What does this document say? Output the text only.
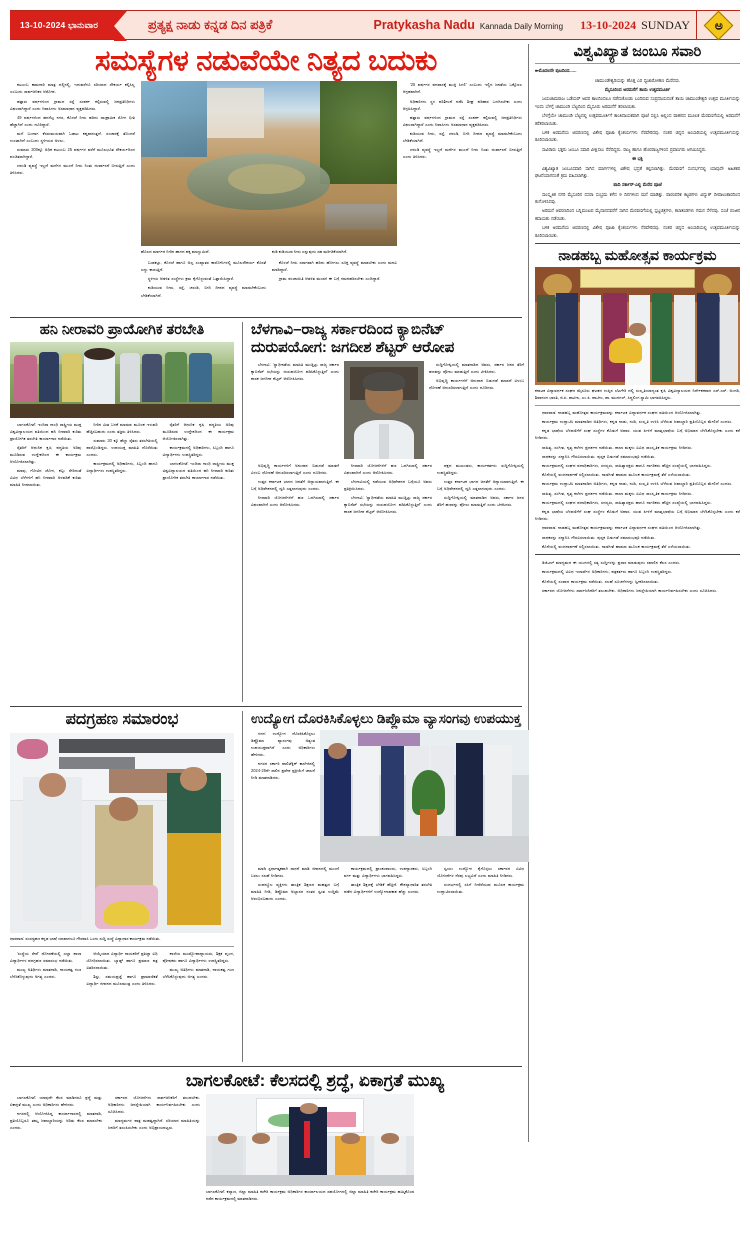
13-10-2024 ಭಾನುವಾರ	ಪ್ರತ್ಯಕ್ಷ ನಾಡು ಕನ್ನಡ ದಿನ ಪತ್ರಿಕೆ	Pratykasha Nadu Kannada Daily Morning 13-10-2024 SUNDAY ಅ
ಸಮಸ್ಯೆಗಳ ನಡುವೆಯೇ ನಿತ್ಯದ ಬದುಕು

ಕುಟುಂಬ ಕಾಮಗಾರಿ ಮಾತ್ರ ದಲ್ಲಿನಲ್ಲಿ, ಇದುವರೆಗೂ ಸರಿಯಾದ ಸೌಕರ್ಯ ಕಲ್ಪಿಸಿಲ್ಲ ಎಂಬುದು ಸಾರ್ವಜನಿಕರ ಆರೋಪ.

ಹತ್ತಾರು ವರ್ಷಗಳಿಂದ ಗ್ರಾಮದ ರಸ್ತೆ ಸಂಪರ್ಕ ಕಲ್ಪಿಸುವಲ್ಲಿ ಜನಪ್ರತಿನಿಧಿಗಳು ವಿಫಲರಾಗಿದ್ದಾರೆ ಎಂದು ನಿವಾಸಿಗಳು ಅಸಮಾಧಾನ ವ್ಯಕ್ತಪಡಿಸಿದರು.

49 ವರ್ಷಗಳಿಂದ ಹದಗೆಟ್ಟ ನಗರ, ಕೊಳಚೆ ನೀರು ಹರಿದು ಸಾಂಕ್ರಾಮಿಕ ರೋಗ ಭೀತಿ ಹೆಚ್ಚಾಗಿದೆ ಎಂದು ದೂರಿದ್ದಾರೆ.

ಮಳೆ ಬಂದಾಗ ಕೆಸರುಮಯವಾಗಿ ಓಡಾಟ ಕಷ್ಟವಾಗುತ್ತದೆ. ಸಂಚಾರಕ್ಕೆ ತೊಂದರೆ ಉಂಟಾಗಿದೆ ಎಂಬುದು ಸ್ಥಳೀಯರ ಅಳಲು.

ಸುಮಾರು 300ಕ್ಕೂ ಅಧಿಕ ಕುಟುಂಬ 25 ವರ್ಷಗಳ ವರೆಗೆ ಮೂಲಭೂತ ಸೌಕರ್ಯದಿಂದ ವಂಚಿತರಾಗಿದ್ದಾರೆ.

ಚರಂಡಿ ವ್ಯವಸ್ಥೆ ಇಲ್ಲದೆ ಮನೆಗಳ ಮುಂದೆ ನೀರು ನಿಂತು ದುರ್ವಾಸನೆ ಬೀರುತ್ತಿದೆ ಎಂದು ತಿಳಿಸಿದರು.

ಹೊಲದ ಮಾರ್ಗ‌ದ ನೀರಿನ ಹಾಗದ ಪಕ್ಕ ಮಾಣ್ಣುಮಿದೆ.	ಕುಡಿ ಕುಡಿಯುವ ನೀರು ಎನ್ನುವುದು ಸಹ ಮರೀಚಿಕೆಯಾಗಿದೆ.

ಬುಡಕಟ್ಟು, ಕೊಳಚೆ ಹಾಗೂ ಅಲ್ಪ ಸಂಖ್ಯಾತರ ಕಾಲೋನಿಗಳಲ್ಲಿ ಮೂಲಸೌಕರ್ಯ ಕೊರತೆ ಎದ್ದು ಕಾಣುತ್ತಿದೆ.

ಸ್ಥಳೀಯ ಆಡಳಿತ ಸಂಸ್ಥೆಗಳು ಕ್ರಮ ಕೈಗೊಳ್ಳುವಂತೆ ಒತ್ತಾಯಿಸಿದ್ದಾರೆ.

ಕುಡಿಯುವ ನೀರು, ರಸ್ತೆ, ಚರಂಡಿ, ಬೀದಿ ದೀಪದ ವ್ಯವಸ್ಥೆ ಮಾಡಬೇಕೆಂಬುದು ಬೇಡಿಕೆಯಾಗಿದೆ.

ಕೊಳಚೆ ನೀರು ಸರಾಗವಾಗಿ ಹರಿದು ಹೋಗಲು ಸೂಕ್ತ ವ್ಯವಸ್ಥೆ ಮಾಡಬೇಕು ಎಂದು ಮನವಿ ಮಾಡಿದ್ದಾರೆ.

ಗ್ರಾಮ ಪಂಚಾಯಿತಿ ಆಡಳಿತ ಮಂಡಳಿ ಈ ಬಗ್ಗೆ ಗಮನಹರಿಸಬೇಕು ಎಂದಿದ್ದಾರೆ.

'25 ವರ್ಷಗಳ ವನವಾಸಕ್ಕೆ ಮುಕ್ತಿ ಸಿಗಲಿ' ಎಂಬುದು ಇಲ್ಲಿನ ಜನತೆಯ ಒಕ್ಕೊರಲ ಆಗ್ರಹವಾಗಿದೆ.

ಅಧಿಕಾರಿಗಳು ಸ್ಥಳ ಪರಿಶೀಲನೆ ನಡೆಸಿ ಶೀಘ್ರ ಪರಿಹಾರ ಒದಗಿಸಬೇಕು ಎಂದು ಆಗ್ರಹಿಸಿದ್ದಾರೆ.

ಹತ್ತಾರು ವರ್ಷಗಳಿಂದ ಗ್ರಾಮದ ರಸ್ತೆ ಸಂಪರ್ಕ ಕಲ್ಪಿಸುವಲ್ಲಿ ಜನಪ್ರತಿನಿಧಿಗಳು ವಿಫಲರಾಗಿದ್ದಾರೆ ಎಂದು ನಿವಾಸಿಗಳು ಅಸಮಾಧಾನ ವ್ಯಕ್ತಪಡಿಸಿದರು.

ಕುಡಿಯುವ ನೀರು, ರಸ್ತೆ, ಚರಂಡಿ, ಬೀದಿ ದೀಪದ ವ್ಯವಸ್ಥೆ ಮಾಡಬೇಕೆಂಬುದು ಬೇಡಿಕೆಯಾಗಿದೆ.

ಚರಂಡಿ ವ್ಯವಸ್ಥೆ ಇಲ್ಲದೆ ಮನೆಗಳ ಮುಂದೆ ನೀರು ನಿಂತು ದುರ್ವಾಸನೆ ಬೀರುತ್ತಿದೆ ಎಂದು ತಿಳಿಸಿದರು.

ಹನಿ ನೀರಾವರಿ ಪ್ರಾಯೋಗಿಕ ತರಬೇತಿ

ಬಾಗಲಕೋಟೆ: ಇಂದಿರಾ ಗಾಂಧಿ ರಾಷ್ಟ್ರೀಯ ಮುಕ್ತ ವಿಶ್ವವಿದ್ಯಾಲಯದ ವತಿಯಿಂದ ಹನಿ ನೀರಾವರಿ ಕುರಿತು ಪ್ರಾಯೋಗಿಕ ತರಬೇತಿ ಕಾರ್ಯಾಗಾರ ನಡೆಯಿತು.

ರೈತರಿಗೆ ಆಧುನಿಕ ಕೃಷಿ ಪದ್ಧತಿಯ ಅರಿವು ಮೂಡಿಸುವ ಉದ್ದೇಶದಿಂದ ಈ ಕಾರ್ಯಕ್ರಮ ಆಯೋಜಿಸಲಾಗಿತ್ತು.

ಮಾವು, ಗೋವಿನ ಜೋಳ, ಕಬ್ಬು ಸೇರಿದಂತೆ ವಿವಿಧ ಬೆಳೆಗಳಿಗೆ ಹನಿ ನೀರಾವರಿ ಅಳವಡಿಕೆ ಕುರಿತು ಮಾಹಿತಿ ನೀಡಲಾಯಿತು.

ನೀರಿನ ಮಿತ ಬಳಕೆ ಮಾಡುವ ಮೂಲಕ ಇಳುವರಿ ಹೆಚ್ಚಿಸಬಹುದು ಎಂದು ತಜ್ಞರು ತಿಳಿಸಿದರು.

ಸುಮಾರು 30 ಕ್ಕೂ ಹೆಚ್ಚು ರೈತರು ತರಬೇತಿಯಲ್ಲಿ ಪಾಲ್ಗೊಂಡಿದ್ದರು. ಉಪಯುಕ್ತ ಮಾಹಿತಿ ದೊರೆಯಿತು ಎಂದರು.

ಕಾರ್ಯಕ್ರಮದಲ್ಲಿ ಅಧಿಕಾರಿಗಳು, ಸಿಬ್ಬಂದಿ ಹಾಗೂ ವಿದ್ಯಾರ್ಥಿಗಳು ಉಪಸ್ಥಿತರಿದ್ದರು.

ರೈತರಿಗೆ ಆಧುನಿಕ ಕೃಷಿ ಪದ್ಧತಿಯ ಅರಿವು ಮೂಡಿಸುವ ಉದ್ದೇಶದಿಂದ ಈ ಕಾರ್ಯಕ್ರಮ ಆಯೋಜಿಸಲಾಗಿತ್ತು.

ಕಾರ್ಯಕ್ರಮದಲ್ಲಿ ಅಧಿಕಾರಿಗಳು, ಸಿಬ್ಬಂದಿ ಹಾಗೂ ವಿದ್ಯಾರ್ಥಿಗಳು ಉಪಸ್ಥಿತರಿದ್ದರು.

ಬಾಗಲಕೋಟೆ: ಇಂದಿರಾ ಗಾಂಧಿ ರಾಷ್ಟ್ರೀಯ ಮುಕ್ತ ವಿಶ್ವವಿದ್ಯಾಲಯದ ವತಿಯಿಂದ ಹನಿ ನೀರಾವರಿ ಕುರಿತು ಪ್ರಾಯೋಗಿಕ ತರಬೇತಿ ಕಾರ್ಯಾಗಾರ ನಡೆಯಿತು.

ಬೆಳಗಾವಿ–ರಾಜ್ಯ ಸರ್ಕಾರದಿಂದ ಕ್ಯಾಬಿನೆಟ್
ದುರುಪಯೋಗ: ಜಗದೀಶ ಶೆಟ್ಟರ್ ಆರೋಪ

ಬೆಳಗಾವಿ: 'ಸ್ವಾಧೀನತೆಯ ಮಾಹಿತಿ ಮುಚ್ಚಿಟ್ಟು ರಾಜ್ಯ ಸರ್ಕಾರ ಕ್ಯಾಬಿನೆಟ್ ಸಭೆಯನ್ನು ದುರುಪಯೋಗ ಪಡಿಸಿಕೊಳ್ಳುತ್ತಿದೆ' ಎಂದು ಶಾಸಕ ಜಗದೀಶ ಶೆಟ್ಟರ್ ಆರೋಪಿಸಿದರು.

ಸುದ್ದಿಗೋಷ್ಠಿಯಲ್ಲಿ ಮಾತನಾಡಿದ ಅವರು, ಸರ್ಕಾರ ಜನರ ತೆರಿಗೆ ಹಣವನ್ನು ಪೋಲು ಮಾಡುತ್ತಿದೆ ಎಂದು ಟೀಕಿಸಿದರು.

ಅಭಿವೃದ್ಧಿ ಕಾರ್ಯಗಳಿಗೆ ಅನುದಾನ ಬಿಡುಗಡೆ ಮಾಡದೆ ವಿಳಂಬ ಧೋರಣೆ ಅನುಸರಿಸಲಾಗುತ್ತಿದೆ ಎಂದು ದೂರಿದರು.

ಅಭಿವೃದ್ಧಿ ಕಾರ್ಯಗಳಿಗೆ ಅನುದಾನ ಬಿಡುಗಡೆ ಮಾಡದೆ ವಿಳಂಬ ಧೋರಣೆ ಅನುಸರಿಸಲಾಗುತ್ತಿದೆ ಎಂದು ದೂರಿದರು.

ಉತ್ತರ ಕರ್ನಾಟಕ ಭಾಗದ ಜನತೆಗೆ ಅನ್ಯಾಯವಾಗುತ್ತಿದೆ. ಈ ಬಗ್ಗೆ ಅಧಿವೇಶನದಲ್ಲಿ ಧ್ವನಿ ಎತ್ತಲಾಗುವುದು ಎಂದರು.

ನೀರಾವರಿ ಯೋಜನೆಗಳಿಗೆ ಹಣ ಒದಗಿಸುವಲ್ಲಿ ಸರ್ಕಾರ ವಿಫಲವಾಗಿದೆ ಎಂದು ಆರೋಪಿಸಿದರು.

ನೀರಾವರಿ ಯೋಜನೆಗಳಿಗೆ ಹಣ ಒದಗಿಸುವಲ್ಲಿ ಸರ್ಕಾರ ವಿಫಲವಾಗಿದೆ ಎಂದು ಆರೋಪಿಸಿದರು.

ಬೆಳಗಾವಿಯಲ್ಲಿ ನಡೆಯುವ ಅಧಿವೇಶನದ ಬಗ್ಗೆಯೂ ಅವರು ಪ್ರತಿಕ್ರಿಯಿಸಿದರು.

ಬೆಳಗಾವಿ: 'ಸ್ವಾಧೀನತೆಯ ಮಾಹಿತಿ ಮುಚ್ಚಿಟ್ಟು ರಾಜ್ಯ ಸರ್ಕಾರ ಕ್ಯಾಬಿನೆಟ್ ಸಭೆಯನ್ನು ದುರುಪಯೋಗ ಪಡಿಸಿಕೊಳ್ಳುತ್ತಿದೆ' ಎಂದು ಶಾಸಕ ಜಗದೀಶ ಶೆಟ್ಟರ್ ಆರೋಪಿಸಿದರು.

ಪಕ್ಷದ ಮುಖಂಡರು, ಕಾರ್ಯಕರ್ತರು ಸುದ್ದಿಗೋಷ್ಠಿಯಲ್ಲಿ ಉಪಸ್ಥಿತರಿದ್ದರು.

ಉತ್ತರ ಕರ್ನಾಟಕ ಭಾಗದ ಜನತೆಗೆ ಅನ್ಯಾಯವಾಗುತ್ತಿದೆ. ಈ ಬಗ್ಗೆ ಅಧಿವೇಶನದಲ್ಲಿ ಧ್ವನಿ ಎತ್ತಲಾಗುವುದು ಎಂದರು.

ಸುದ್ದಿಗೋಷ್ಠಿಯಲ್ಲಿ ಮಾತನಾಡಿದ ಅವರು, ಸರ್ಕಾರ ಜನರ ತೆರಿಗೆ ಹಣವನ್ನು ಪೋಲು ಮಾಡುತ್ತಿದೆ ಎಂದು ಟೀಕಿಸಿದರು.

ಪದಗ್ರಹಣ ಸಮಾರಂಭ
ಧಾರವಾಡ: ಸಂಸದ್ಗ್ರಹಣ ಕನ್ನಡ ಭಾಷೆ ಯಾವಾಗಲೂ ಗೌರವಾಸಿ ಒಂದು ಸುದ್ದಿ ಸಂಸ್ಥೆ ವಿದ್ಯಾಧಾರ ಕಾರ್ಯಕ್ರಮ ನಡೆಯಿತು.

'ಸಂಸ್ಥೆಯ ಸೇವೆ' ಧೋರಣೆಯಲ್ಲಿ ಎಲ್ಲಾ ಶಾಲಾ ವಿದ್ಯಾರ್ಥಿಗಳ ಪದಗ್ರಹಣ ಸಮಾರಂಭ ನಡೆಯಿತು.

ಮುಖ್ಯ ಅತಿಥಿಗಳು ಮಾತನಾಡಿ, ನಾಯಕತ್ವ ಗುಣ ಬೆಳೆಸಿಕೊಳ್ಳುವುದು ಅಗತ್ಯ ಎಂದರು.

ಆಯ್ಕೆಯಾದ ವಿದ್ಯಾರ್ಥಿ ನಾಯಕರಿಗೆ ಪ್ರತಿಜ್ಞಾ ವಿಧಿ ಬೋಧಿಸಲಾಯಿತು. ಬ್ಯಾಡ್ಜ್ ಹಾಗೂ ಪ್ರಮಾಣ ಪತ್ರ ವಿತರಿಸಲಾಯಿತು.

ಶಿಸ್ತು, ಸಮಯಪ್ರಜ್ಞೆ ಹಾಗೂ ಪ್ರಾಮಾಣಿಕತೆ ವಿದ್ಯಾರ್ಥಿ ಜೀವನದ ಮೂಲಮಂತ್ರ ಎಂದು ತಿಳಿಸಿದರು.

ಶಾಲೆಯ ಮುಖ್ಯೋಪಾಧ್ಯಾಯರು, ಶಿಕ್ಷಕ ವೃಂದ, ಪೋಷಕರು ಹಾಗೂ ವಿದ್ಯಾರ್ಥಿಗಳು ಉಪಸ್ಥಿತರಿದ್ದರು.

ಮುಖ್ಯ ಅತಿಥಿಗಳು ಮಾತನಾಡಿ, ನಾಯಕತ್ವ ಗುಣ ಬೆಳೆಸಿಕೊಳ್ಳುವುದು ಅಗತ್ಯ ಎಂದರು.

ಉದ್ಯೋಗ ದೊರಕಿಸಿಕೊಳ್ಳಲು ಡಿಪ್ಲೊಮಾ ವ್ಯಾಸಂಗವು ಉಪಯುಕ್ತ

ಗದಗ: ಉದ್ಯೋಗ ದೊರಕಿಸಿಕೊಳ್ಳಲು ಡಿಪ್ಲೊಮಾ ವ್ಯಾಸಂಗವು ಅತ್ಯಂತ ಉಪಯುಕ್ತವಾಗಿದೆ ಎಂದು ಅಧಿಕಾರಿಗಳು ಹೇಳಿದರು.

ನಗರದ ಸರ್ಕಾರಿ ಪಾಲಿಟೆಕ್ನಿಕ್ ಕಾಲೇಜಿನಲ್ಲಿ 2024-25ನೇ ಸಾಲಿನ ಪ್ರವೇಶ ಪ್ರಕ್ರಿಯೆಗೆ ಚಾಲನೆ ನೀಡಿ ಮಾತನಾಡಿದರು.

ಮಾಡಿ ಸ್ಪರ್ಧಾತ್ಮಕವಾಗಿ ಸಾಧನೆ ಮಾಡಿ ಜೀವನದಲ್ಲಿ ಮುಂದೆ ಬರಲು ಸಲಹೆ ನೀಡಿದರು.

ಸಂಪನ್ಮೂಲ ವ್ಯಕ್ತಿಗಳು ತಾಂತ್ರಿಕ ಶಿಕ್ಷಣದ ಮಹತ್ವದ ಬಗ್ಗೆ ಮಾಹಿತಿ ನೀಡಿ, ಡಿಪ್ಲೊಮಾ ಅಭ್ಯಾಸದ ನಂತರ ಸ್ವಂತ ಉದ್ದಿಮೆ ಆರಂಭಿಸಬಹುದು ಎಂದರು.

ಕಾರ್ಯಕ್ರಮದಲ್ಲಿ ಪ್ರಾಂಶುಪಾಲರು, ಉಪನ್ಯಾಸಕರು, ಸಿಬ್ಬಂದಿ ವರ್ಗ ಮತ್ತು ವಿದ್ಯಾರ್ಥಿಗಳು ಭಾಗವಹಿಸಿದ್ದರು.

ತಾಂತ್ರಿಕ ಶಿಕ್ಷಣಕ್ಕೆ ಬೇಡಿಕೆ ಹೆಚ್ಚಿದೆ. ಕೌಶಲ್ಯಾಧಾರಿತ ತರಬೇತಿ ಪಡೆದ ವಿದ್ಯಾರ್ಥಿಗಳಿಗೆ ಉದ್ಯೋಗಾವಕಾಶ ಹೆಚ್ಚು ಎಂದರು.

ಸ್ವಯಂ ಉದ್ಯೋಗ ಕೈಗೊಳ್ಳಲು ಸರ್ಕಾರದ ವಿವಿಧ ಯೋಜನೆಗಳ ನೆರವು ಲಭ್ಯವಿದೆ ಎಂದು ಮಾಹಿತಿ ನೀಡಿದರು.

ಸಂದರ್ಭದಲ್ಲಿ ಸಸಿಗೆ ನೀರೆರೆಯುವ ಮೂಲಕ ಕಾರ್ಯಕ್ರಮ ಉದ್ಘಾಟಿಸಲಾಯಿತು.

ಬಾಗಲಕೋಟೆ: ಕೆಲಸದಲ್ಲಿ ಶ್ರದ್ಧೆ, ಏಕಾಗ್ರತೆ ಮುಖ್ಯ

ಬಾಗಲಕೋಟೆ: ಯಾವುದೇ ಕೆಲಸ ಮಾಡಿದರೂ ಶ್ರದ್ಧೆ ಮತ್ತು ಏಕಾಗ್ರತೆ ಮುಖ್ಯ ಎಂದು ಅಧಿಕಾರಿಗಳು ಹೇಳಿದರು.

ನಗರದಲ್ಲಿ ಆಯೋಜಿಸಿದ್ದ ಕಾರ್ಯಾಗಾರದಲ್ಲಿ ಮಾತನಾಡಿ, ಪ್ರತಿಯೊಬ್ಬರೂ ತಮ್ಮ ಜವಾಬ್ದಾರಿಯನ್ನು ಅರಿತು ಕೆಲಸ ಮಾಡಬೇಕು ಎಂದರು.

ಸರ್ಕಾರದ ಯೋಜನೆಗಳು ಸಾರ್ವಜನಿಕರಿಗೆ ತಲುಪಬೇಕು. ಅಧಿಕಾರಿಗಳು ಜನಸ್ನೇಹಿಯಾಗಿ ಕಾರ್ಯನಿರ್ವಹಿಸಬೇಕು ಎಂದು ಸೂಚಿಸಿದರು.

ಮಾಧ್ಯಮಗಳ ಪಾತ್ರ ಮಹತ್ವದ್ದಾಗಿದೆ. ಸರಿಯಾದ ಮಾಹಿತಿಯನ್ನು ಜನರಿಗೆ ತಲುಪಿಸಬೇಕು ಎಂದು ಅಭಿಪ್ರಾಯಪಟ್ಟರು.

ಬಾಗಲಕೋಟೆ: ಕಲ್ಯಾಣ, ಜಿಲ್ಲಾ ಮಾಹಿತಿ ಕಚೇರಿ ಕಾರ್ಯಕ್ರಮ ಅಧಿಕಾರಿಗಳ ಕಾರ್ಯಾಲಯದ ಸಹಯೋಗದಲ್ಲಿ ಜಿಲ್ಲಾ ಮಾಹಿತಿ ಕಚೇರಿ ಕಾರ್ಯಕ್ರಮ ಹಮ್ಮಿಕೊಂಡ ನಡೆದ ಕಾರ್ಯಕ್ರಮದಲ್ಲಿ ಮಾತನಾಡಿದರು.
ವಿಶ್ವವಿಖ್ಯಾತ ಜಂಬೂ ಸವಾರಿ

➨ಮೊದಲನೇ ಪುಟದಿಂದ......

ಚಾಮುಂಡೇಶ್ವರಿಯನ್ನು ಹೊತ್ತ ಎರ ಧ್ವಜಾರೋಹಣ ಮೆರೆದರು.

ಮೈಸೂರಿಂದ ಅರಮನೆಗೆ ತಾಯಿ ಉತ್ಸವಮೂರ್ತಿ

ಜಯಚಾಮರಾಜ ಒಡೆಯರ್ ಅವರ ಕಾಲದಿಂದಲೂ ನಡೆದುಕೊಂಡು ಬಂದಿರುವ ಸಂಪ್ರದಾಯದಂತೆ ತಾಯಿ ಚಾಮುಂಡೇಶ್ವರಿ ಉತ್ಸವ ಮೂರ್ತಿಯನ್ನು ಇಂದು ಬೆಳಗ್ಗೆ ಚಾಮುಂಡಿ ಬೆಟ್ಟದಿಂದ ಮೈಸೂರು ಅರಮನೆಗೆ ತರಲಾಯಿತು.

ಬೆಳಗ್ಗೆಯೇ ಚಾಮುಂಡಿ ಬೆಟ್ಟದಲ್ಲಿ ಉತ್ಸವಮೂರ್ತಿಗೆ ಕಾಂತಿದಾಯಕವಾಗಿ ಪೂಜೆ ಸಲ್ಲಿಸಿ ಅಲ್ಲಿಂದ ವಾಹನದ ಮೂಲಕ ಮೆರವಣಿಗೆಯಲ್ಲಿ ಅರಮನೆಗೆ ಕರೆತರಲಾಯಿತು.

ಬಳಿಕ ಅರಮನೆಯ ಆವರಣದಲ್ಲಿ ವಿಶೇಷ ಪೂಜಾ ಕೈಂಕರ್ಯಗಳು ನೆರವೇರಿದವು. ನಂತರ ಚಿನ್ನದ ಅಂಬಾರಿಯಲ್ಲಿ ಉತ್ಸವಮೂರ್ತಿಯನ್ನು ಕೂರಿಸಲಾಯಿತು.

ಸಾವಿರಾರು ಭಕ್ತರು ಜಂಬೂ ಸವಾರಿ ವೀಕ್ಷಿಸಲು ನೆರೆದಿದ್ದರು. ರಾಜ್ಯ ಹಾಗೂ ಹೊರರಾಜ್ಯಗಳಿಂದ ಪ್ರವಾಸಿಗರು ಆಗಮಿಸಿದ್ದರು.

ಈ ಭಕ್ತಿ

ವಿಶ್ವವಿಖ್ಯಾತ ಜಂಬೂಸವಾರಿ ಸಾಗಿದ ಮಾರ್ಗಗಳಲ್ಲಿ ವಿಶೇಷ ಭದ್ರತೆ ಕಲ್ಪಿಸಲಾಗಿತ್ತು. ಮೆರವಣಿಗೆ ಸಂದರ್ಭದಲ್ಲಿ ಯಾವುದೇ ಅಹಿತಕರ ಘಟನೆಯಾಗದಂತೆ ಕ್ರಮ ವಹಿಸಲಾಗಿತ್ತು.

ಪಾದಿ ಸರ್ಕಾರ್-ಎಲ್ಲಿ ಮೆರೆದ ಪೂಜೆ

ಸಾಂಸ್ಕೃತಿಕ ನಗರಿ ಮೈಸೂರಿನ ದಸರಾ ಸಂಭ್ರಮ ಕಳೆದ 9 ದಿನಗಳಿಂದ ಮನೆ ಮಾಡಿತ್ತು. ಪಾರಂಪರಿಕ ಕಟ್ಟಡಗಳು ವಿದ್ಯುತ್ ದೀಪಾಲಂಕಾರದಿಂದ ಕಂಗೊಳಿಸಿದವು.

ಅರಮನೆ ಆವರಣದಿಂದ ಬನ್ನಿಮಂಟಪ ಮೈದಾನದವರೆಗೆ ಸಾಗಿದ ಮೆರವಣಿಗೆಯಲ್ಲಿ ಸ್ತಬ್ದಚಿತ್ರಗಳು, ಕಲಾತಂಡಗಳು ಗಮನ ಸೆಳೆದವು. ಸಂಜೆ ಪಂಜಿನ ಕವಾಯತು ನಡೆಯಿತು.

ಬಳಿಕ ಅರಮನೆಯ ಆವರಣದಲ್ಲಿ ವಿಶೇಷ ಪೂಜಾ ಕೈಂಕರ್ಯಗಳು ನೆರವೇರಿದವು. ನಂತರ ಚಿನ್ನದ ಅಂಬಾರಿಯಲ್ಲಿ ಉತ್ಸವಮೂರ್ತಿಯನ್ನು ಕೂರಿಸಲಾಯಿತು.

ನಾಡಹಬ್ಬ ಮಹೋತ್ಸವ ಕಾರ್ಯಕ್ರಮ
ಕನಾ‍ಟಕ ವಿದ್ಯಾವರ್ಧಕ ಸಂಘದ ಮೈಸೂರು ಘಟಕದ ಉಪ್ಪಿನ ಬೆಟಗೇರಿ ದಲ್ಲಿ ಸಂಸ್ಕೃತಿಯಾದ್ಯಂತ ಕೃಷಿ ವಿಶ್ವವಿದ್ಯಾಲಯದ ನಿರ್ದೇಶಕರಾದ ಎಸ್.ಎಸ್. ಅಂಗಡಿ, ಶಿವಾನಂದ ಭಾರತಿ, ಜಿ.ಪಿ. ಪಾಟೀಲ, ಎಂ.ಪಿ. ಪಾಟೀಲ, ಡಾ. ಮುದಗಲ್, ಸಿದ್ಧಲಿಂಗ ಸ್ವಾಮಿ ಭಾಗವಹಿಸಿದ್ದರು.

ಧಾರವಾಡ: ನಾಡಹಬ್ಬ ಮಹೋತ್ಸವ ಕಾರ್ಯಕ್ರಮವನ್ನು ಕರ್ನಾಟಕ ವಿದ್ಯಾವರ್ಧಕ ಸಂಘದ ವತಿಯಿಂದ ಆಯೋಜಿಸಲಾಗಿತ್ತು.

ಕಾರ್ಯಕ್ರಮ ಉದ್ಘಾಟಿಸಿ ಮಾತನಾಡಿದ ಅತಿಥಿಗಳು, ಕನ್ನಡ ನಾಡು, ನುಡಿ, ಸಂಸ್ಕೃತಿ ಉಳಿಸಿ ಬೆಳೆಸುವ ಜವಾಬ್ದಾರಿ ಪ್ರತಿಯೊಬ್ಬರ ಮೇಲಿದೆ ಎಂದರು.

ಕನ್ನಡ ಭಾಷೆಯ ಬೆಳವಣಿಗೆಗೆ ಸಂಘ ಸಂಸ್ಥೆಗಳ ಕೊಡುಗೆ ಅಪಾರ. ಯುವ ಪೀಳಿಗೆ ಮಾತೃಭಾಷೆಯ ಬಗ್ಗೆ ಅಭಿಮಾನ ಬೆಳೆಸಿಕೊಳ್ಳಬೇಕು ಎಂದು ಕರೆ ನೀಡಿದರು.

ಸಾಹಿತ್ಯ, ಸಂಗೀತ, ನೃತ್ಯ ಕಲೆಗಳ ಪ್ರದರ್ಶನ ನಡೆಯಿತು. ಶಾಲಾ ಮಕ್ಕಳು ವಿವಿಧ ಸಾಂಸ್ಕೃತಿಕ ಕಾರ್ಯಕ್ರಮ ನೀಡಿದರು.

ಸಾಧಕರನ್ನು ಸನ್ಮಾನಿಸಿ ಗೌರವಿಸಲಾಯಿತು. ಪುಸ್ತಕ ಬಿಡುಗಡೆ ಸಮಾರಂಭವೂ ನಡೆಯಿತು.

ಕಾರ್ಯಕ್ರಮದಲ್ಲಿ ಸಂಘದ ಪದಾಧಿಕಾರಿಗಳು, ಸದಸ್ಯರು, ಸಾಹಿತ್ಯಾಸಕ್ತರು ಹಾಗೂ ನಾಗರಿಕರು ಹೆಚ್ಚಿನ ಸಂಖ್ಯೆಯಲ್ಲಿ ಭಾಗವಹಿಸಿದ್ದರು.

ಕೊನೆಯಲ್ಲಿ ವಂದನಾರ್ಪಣೆ ಸಲ್ಲಿಸಲಾಯಿತು. ನಾಡಗೀತೆ ಹಾಡುವ ಮೂಲಕ ಕಾರ್ಯಕ್ರಮಕ್ಕೆ ತೆರೆ ಎಳೆಯಲಾಯಿತು.

ಕಾರ್ಯಕ್ರಮ ಉದ್ಘಾಟಿಸಿ ಮಾತನಾಡಿದ ಅತಿಥಿಗಳು, ಕನ್ನಡ ನಾಡು, ನುಡಿ, ಸಂಸ್ಕೃತಿ ಉಳಿಸಿ ಬೆಳೆಸುವ ಜವಾಬ್ದಾರಿ ಪ್ರತಿಯೊಬ್ಬರ ಮೇಲಿದೆ ಎಂದರು.

ಸಾಹಿತ್ಯ, ಸಂಗೀತ, ನೃತ್ಯ ಕಲೆಗಳ ಪ್ರದರ್ಶನ ನಡೆಯಿತು. ಶಾಲಾ ಮಕ್ಕಳು ವಿವಿಧ ಸಾಂಸ್ಕೃತಿಕ ಕಾರ್ಯಕ್ರಮ ನೀಡಿದರು.

ಕಾರ್ಯಕ್ರಮದಲ್ಲಿ ಸಂಘದ ಪದಾಧಿಕಾರಿಗಳು, ಸದಸ್ಯರು, ಸಾಹಿತ್ಯಾಸಕ್ತರು ಹಾಗೂ ನಾಗರಿಕರು ಹೆಚ್ಚಿನ ಸಂಖ್ಯೆಯಲ್ಲಿ ಭಾಗವಹಿಸಿದ್ದರು.

ಕನ್ನಡ ಭಾಷೆಯ ಬೆಳವಣಿಗೆಗೆ ಸಂಘ ಸಂಸ್ಥೆಗಳ ಕೊಡುಗೆ ಅಪಾರ. ಯುವ ಪೀಳಿಗೆ ಮಾತೃಭಾಷೆಯ ಬಗ್ಗೆ ಅಭಿಮಾನ ಬೆಳೆಸಿಕೊಳ್ಳಬೇಕು ಎಂದು ಕರೆ ನೀಡಿದರು.

ಧಾರವಾಡ: ನಾಡಹಬ್ಬ ಮಹೋತ್ಸವ ಕಾರ್ಯಕ್ರಮವನ್ನು ಕರ್ನಾಟಕ ವಿದ್ಯಾವರ್ಧಕ ಸಂಘದ ವತಿಯಿಂದ ಆಯೋಜಿಸಲಾಗಿತ್ತು.

ಸಾಧಕರನ್ನು ಸನ್ಮಾನಿಸಿ ಗೌರವಿಸಲಾಯಿತು. ಪುಸ್ತಕ ಬಿಡುಗಡೆ ಸಮಾರಂಭವೂ ನಡೆಯಿತು.

ಕೊನೆಯಲ್ಲಿ ವಂದನಾರ್ಪಣೆ ಸಲ್ಲಿಸಲಾಯಿತು. ನಾಡಗೀತೆ ಹಾಡುವ ಮೂಲಕ ಕಾರ್ಯಕ್ರಮಕ್ಕೆ ತೆರೆ ಎಳೆಯಲಾಯಿತು.

ಡಿಜಿಟಲ್ ಮಾಧ್ಯಮದ ಈ ಯುಗದಲ್ಲಿ ಸತ್ಯ ಸುದ್ದಿಗಳನ್ನು ಪ್ರಸಾರ ಮಾಡುವುದು ಸವಾಲಿನ ಕೆಲಸ ಎಂದರು.

ಕಾರ್ಯಕ್ರಮದಲ್ಲಿ ವಿವಿಧ ಇಲಾಖೆಗಳ ಅಧಿಕಾರಿಗಳು, ಪತ್ರಕರ್ತರು ಹಾಗೂ ಸಿಬ್ಬಂದಿ ಉಪಸ್ಥಿತರಿದ್ದರು.

ಕೊನೆಯಲ್ಲಿ ಸಂವಾದ ಕಾರ್ಯಕ್ರಮ ನಡೆಯಿತು. ಸಲಹೆ ಸೂಚನೆಗಳನ್ನು ಸ್ವೀಕರಿಸಲಾಯಿತು.

ಸರ್ಕಾರದ ಯೋಜನೆಗಳು ಸಾರ್ವಜನಿಕರಿಗೆ ತಲುಪಬೇಕು. ಅಧಿಕಾರಿಗಳು ಜನಸ್ನೇಹಿಯಾಗಿ ಕಾರ್ಯನಿರ್ವಹಿಸಬೇಕು ಎಂದು ಸೂಚಿಸಿದರು.
